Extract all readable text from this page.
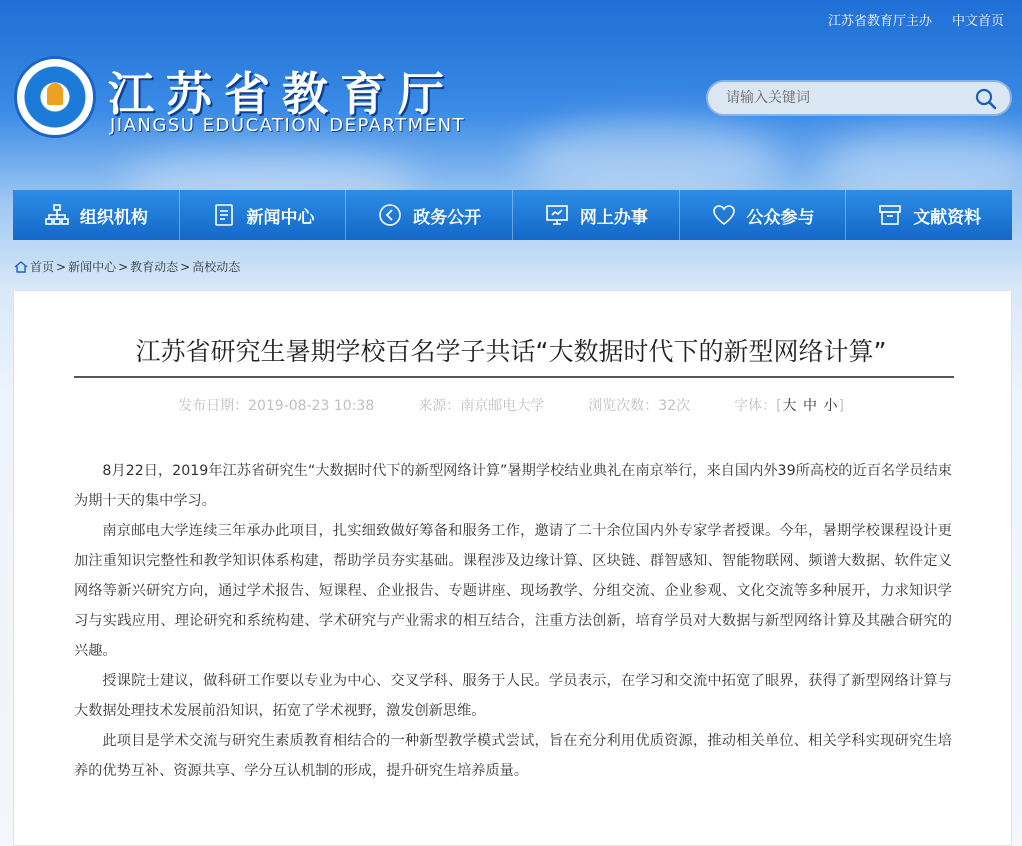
江苏省教育厅主办 中文首页
江苏省教育厅
JIANGSU EDUCATION DEPARTMENT
请输入关键词
组织机构	新闻中心	政务公开	网上办事	公众参与	文献资料
首页 > 新闻中心 > 教育动态 > 高校动态
江苏省研究生暑期学校百名学子共话“大数据时代下的新型网络计算”
发布日期：2019-08-23 10:38	来源：南京邮电大学	浏览次数：32次	字体：[大 中 小]

8月22日，2019年江苏省研究生“大数据时代下的新型网络计算”暑期学校结业典礼在南京举行，来自国内外39所高校的近百名学员结束为期十天的集中学习。

南京邮电大学连续三年承办此项目，扎实细致做好筹备和服务工作，邀请了二十余位国内外专家学者授课。今年，暑期学校课程设计更加注重知识完整性和教学知识体系构建，帮助学员夯实基础。课程涉及边缘计算、区块链、群智感知、智能物联网、频谱大数据、软件定义网络等新兴研究方向，通过学术报告、短课程、企业报告、专题讲座、现场教学、分组交流、企业参观、文化交流等多种展开，力求知识学习与实践应用、理论研究和系统构建、学术研究与产业需求的相互结合，注重方法创新，培育学员对大数据与新型网络计算及其融合研究的兴趣。

授课院士建议，做科研工作要以专业为中心、交叉学科、服务于人民。学员表示，在学习和交流中拓宽了眼界，获得了新型网络计算与大数据处理技术发展前沿知识，拓宽了学术视野，激发创新思维。

此项目是学术交流与研究生素质教育相结合的一种新型教学模式尝试，旨在充分利用优质资源，推动相关单位、相关学科实现研究生培养的优势互补、资源共享、学分互认机制的形成，提升研究生培养质量。
